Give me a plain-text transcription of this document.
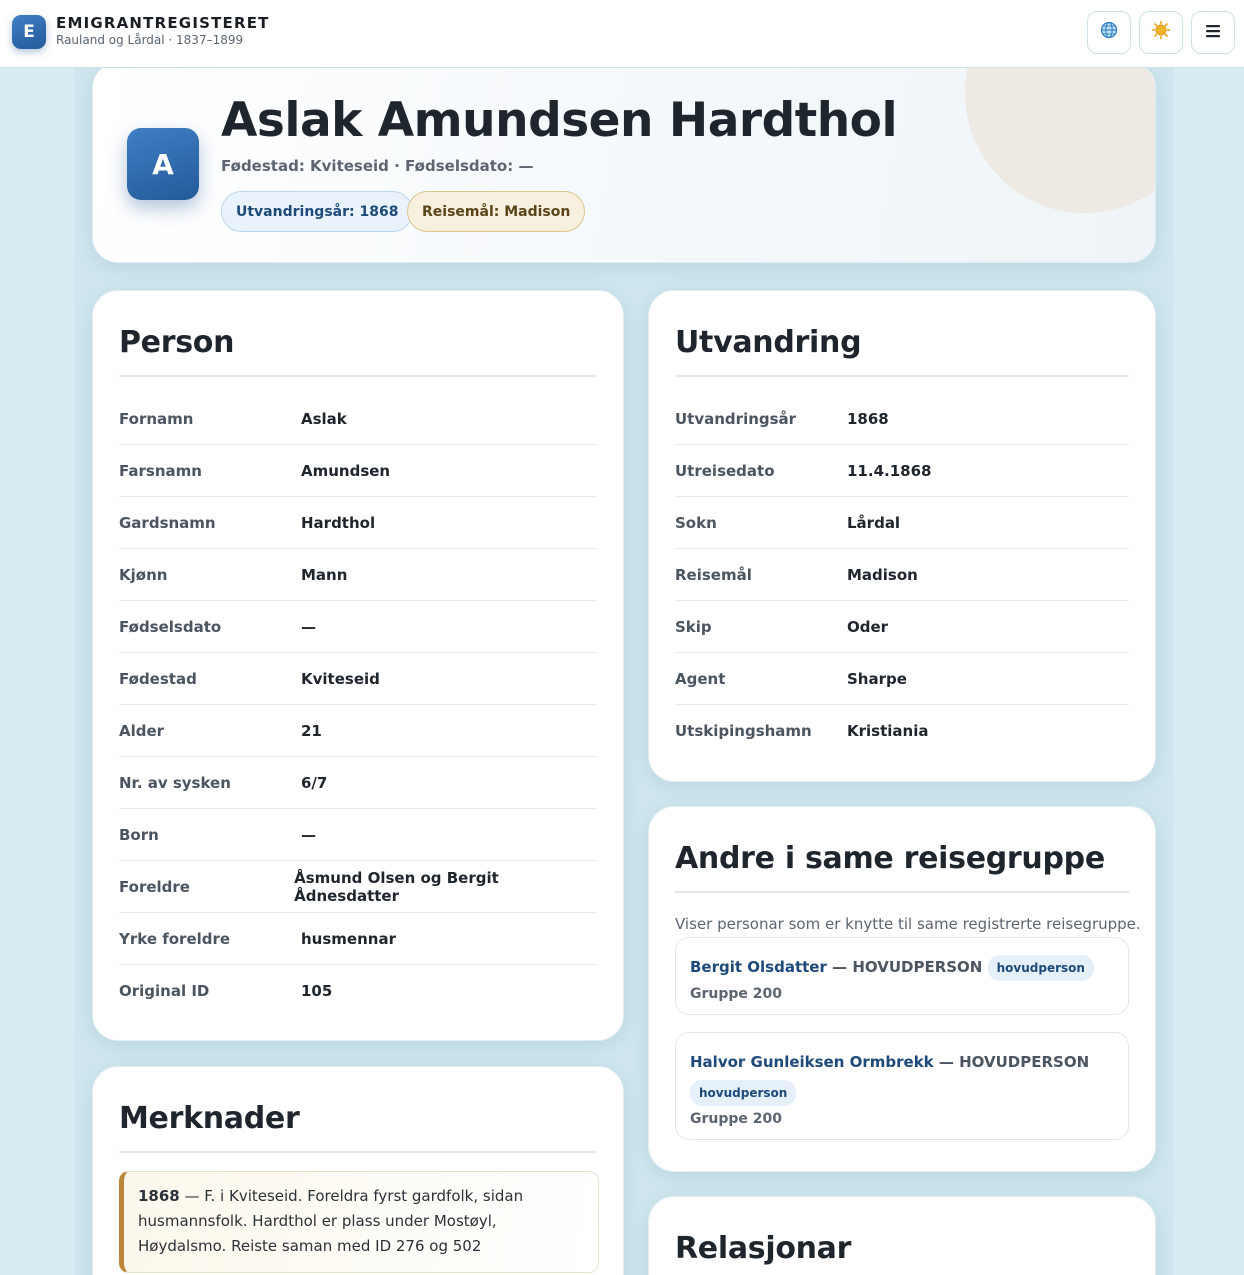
E	EMIGRANTREGISTERET
Rauland og Lårdal · 1837–1899
A
Aslak Amundsen Hardthol
Fødestad: Kviteseid · Fødselsdato: —
Utvandringsår: 1868	Reisemål: Madison
Person
Fornamn	Aslak
Farsnamn	Amundsen
Gardsnamn	Hardthol
Kjønn	Mann
Fødselsdato	—
Fødestad	Kviteseid
Alder	21
Nr. av sysken	6/7
Born	—
Foreldre	Åsmund Olsen og Bergit Ådnesdatter
Yrke foreldre	husmennar
Original ID	105
Utvandring
Utvandringsår	1868
Utreisedato	11.4.1868
Sokn	Lårdal
Reisemål	Madison
Skip	Oder
Agent	Sharpe
Utskipingshamn	Kristiania
Andre i same reisegruppe

Viser personar som er knytte til same registrerte reisegruppe.

Bergit Olsdatter — HOVUDPERSON hovudperson
Gruppe 200
Halvor Gunleiksen Ormbrekk — HOVUDPERSON
hovudperson
Gruppe 200
Merknader
1868 — F. i Kviteseid. Foreldra fyrst gardfolk, sidan husmannsfolk. Hardthol er plass under Mostøyl, Høydalsmo. Reiste saman med ID 276 og 502	Relasjonar
